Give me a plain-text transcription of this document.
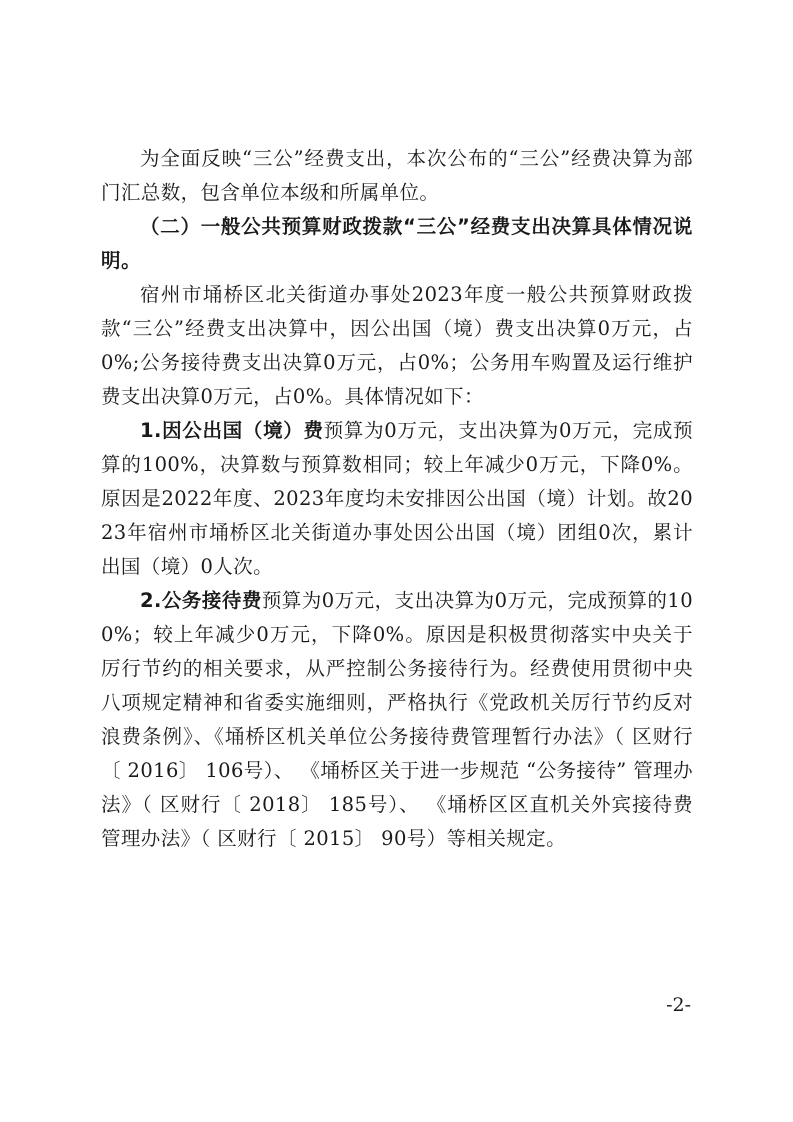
为全面反映“三公”经费支出，本次公布的“三公”经费决算为部门汇总数，包含单位本级和所属单位。

（二）一般公共预算财政拨款“三公”经费支出决算具体情况说明。

宿州市埇桥区北关街道办事处2023年度一般公共预算财政拨款“三公”经费支出决算中，因公出国（境）费支出决算0万元，占0%;公务接待费支出决算0万元，占0%；公务用车购置及运行维护费支出决算0万元，占0%。具体情况如下：

1.因公出国（境）费预算为0万元，支出决算为0万元，完成预算的100%，决算数与预算数相同；较上年减少0万元，下降0%。原因是2022年度、2023年度均未安排因公出国（境）计划。故2023年宿州市埇桥区北关街道办事处因公出国（境）团组0次，累计出国（境）0人次。

2.公务接待费预算为0万元，支出决算为0万元，完成预算的100%；较上年减少0万元，下降0%。原因是积极贯彻落实中央关于厉行节约的相关要求，从严控制公务接待行为。经费使用贯彻中央八项规定精神和省委实施细则，严格执行《党政机关厉行节约反对浪费条例》、《埇桥区机关单位公务接待费管理暂行办法》（ 区财行〔 2016〕 106号）、 《埇桥区关于进一步规范 “公务接待” 管理办法》（ 区财行〔 2018〕 185号）、 《埇桥区区直机关外宾接待费管理办法》（ 区财行〔 2015〕 90号）等相关规定。

-2-
